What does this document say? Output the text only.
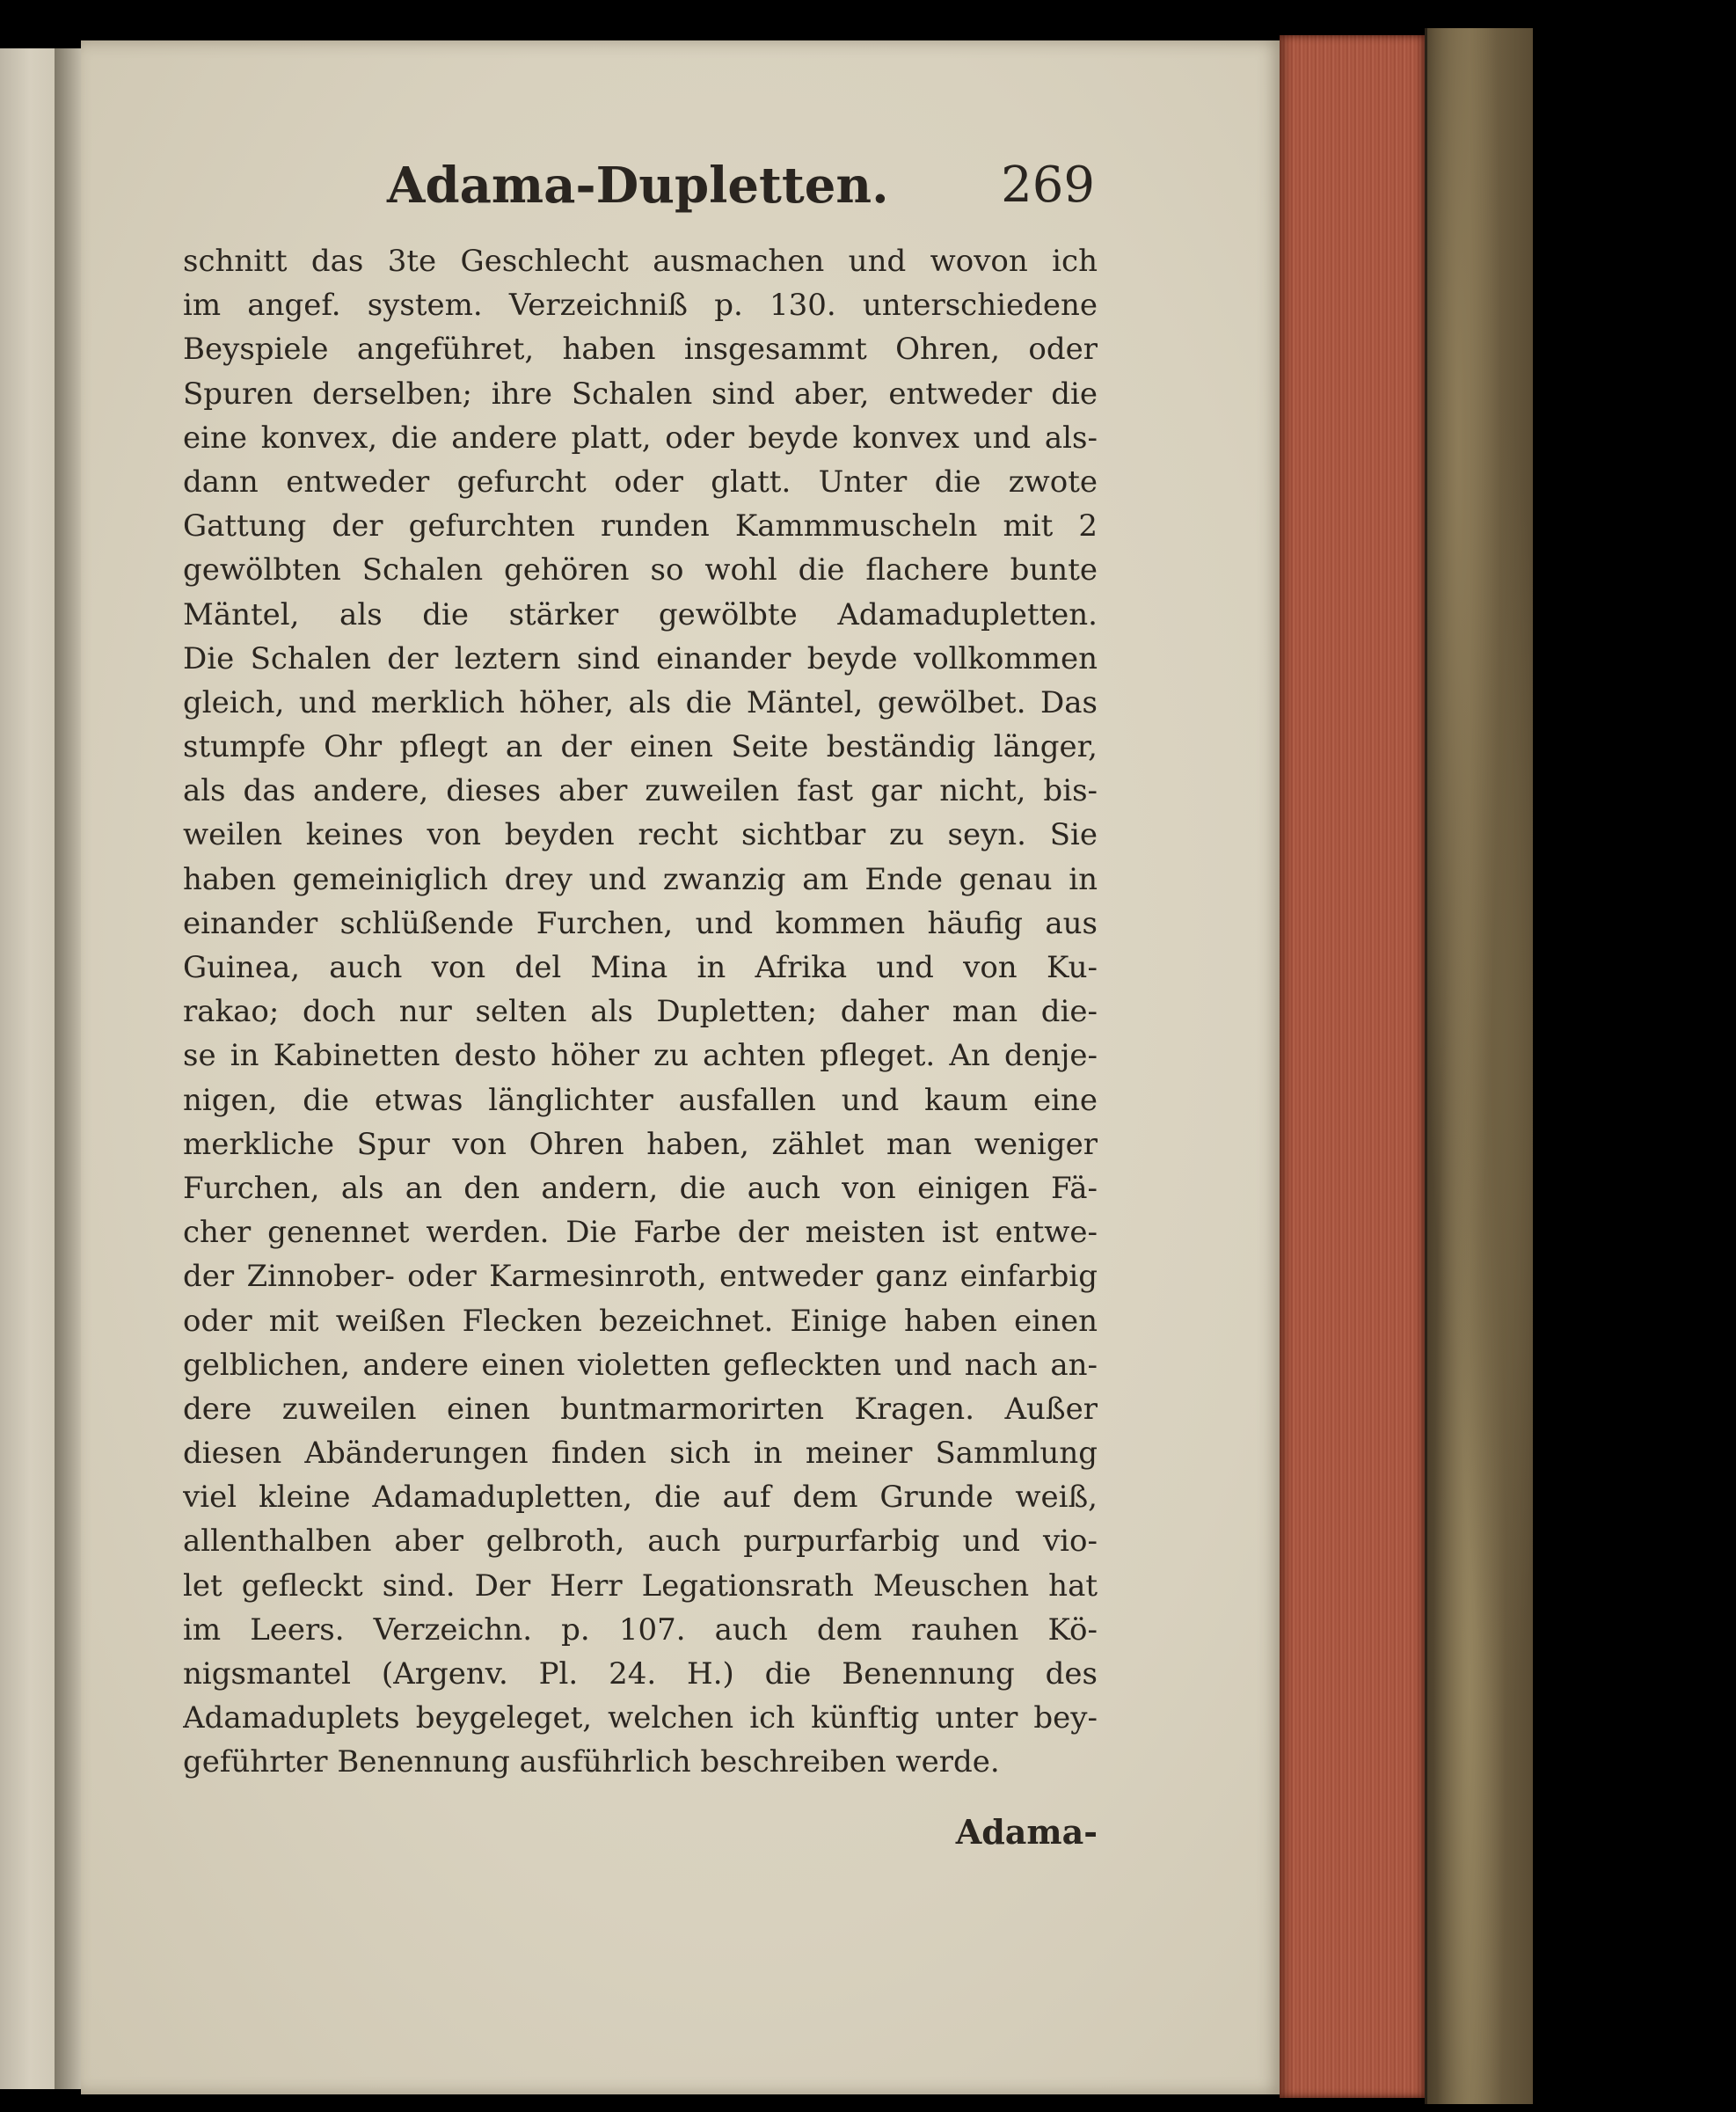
Adama-Dupletten. 269
schnitt das 3te Geschlecht ausmachen und wovon ich
im angef. system. Verzeichniß p. 130. unterschiedene
Beyspiele angeführet, haben insgesammt Ohren, oder
Spuren derselben; ihre Schalen sind aber, entweder die
eine konvex, die andere platt, oder beyde konvex und als-
dann entweder gefurcht oder glatt. Unter die zwote
Gattung der gefurchten runden Kammmuscheln mit 2
gewölbten Schalen gehören so wohl die flachere bunte
Mäntel, als die stärker gewölbte Adamadupletten.
Die Schalen der leztern sind einander beyde vollkommen
gleich, und merklich höher, als die Mäntel, gewölbet. Das
stumpfe Ohr pflegt an der einen Seite beständig länger,
als das andere, dieses aber zuweilen fast gar nicht, bis-
weilen keines von beyden recht sichtbar zu seyn. Sie
haben gemeiniglich drey und zwanzig am Ende genau in
einander schlüßende Furchen, und kommen häufig aus
Guinea, auch von del Mina in Afrika und von Ku-
rakao; doch nur selten als Dupletten; daher man die-
se in Kabinetten desto höher zu achten pfleget. An denje-
nigen, die etwas länglichter ausfallen und kaum eine
merkliche Spur von Ohren haben, zählet man weniger
Furchen, als an den andern, die auch von einigen Fä-
cher genennet werden. Die Farbe der meisten ist entwe-
der Zinnober- oder Karmesinroth, entweder ganz einfarbig
oder mit weißen Flecken bezeichnet. Einige haben einen
gelblichen, andere einen violetten gefleckten und nach an-
dere zuweilen einen buntmarmorirten Kragen. Außer
diesen Abänderungen finden sich in meiner Sammlung
viel kleine Adamadupletten, die auf dem Grunde weiß,
allenthalben aber gelbroth, auch purpurfarbig und vio-
let gefleckt sind. Der Herr Legationsrath Meuschen hat
im Leers. Verzeichn. p. 107. auch dem rauhen Kö-
nigsmantel (Argenv. Pl. 24. H.) die Benennung des
Adamaduplets beygeleget, welchen ich künftig unter bey-
geführter Benennung ausführlich beschreiben werde.
Adama-
